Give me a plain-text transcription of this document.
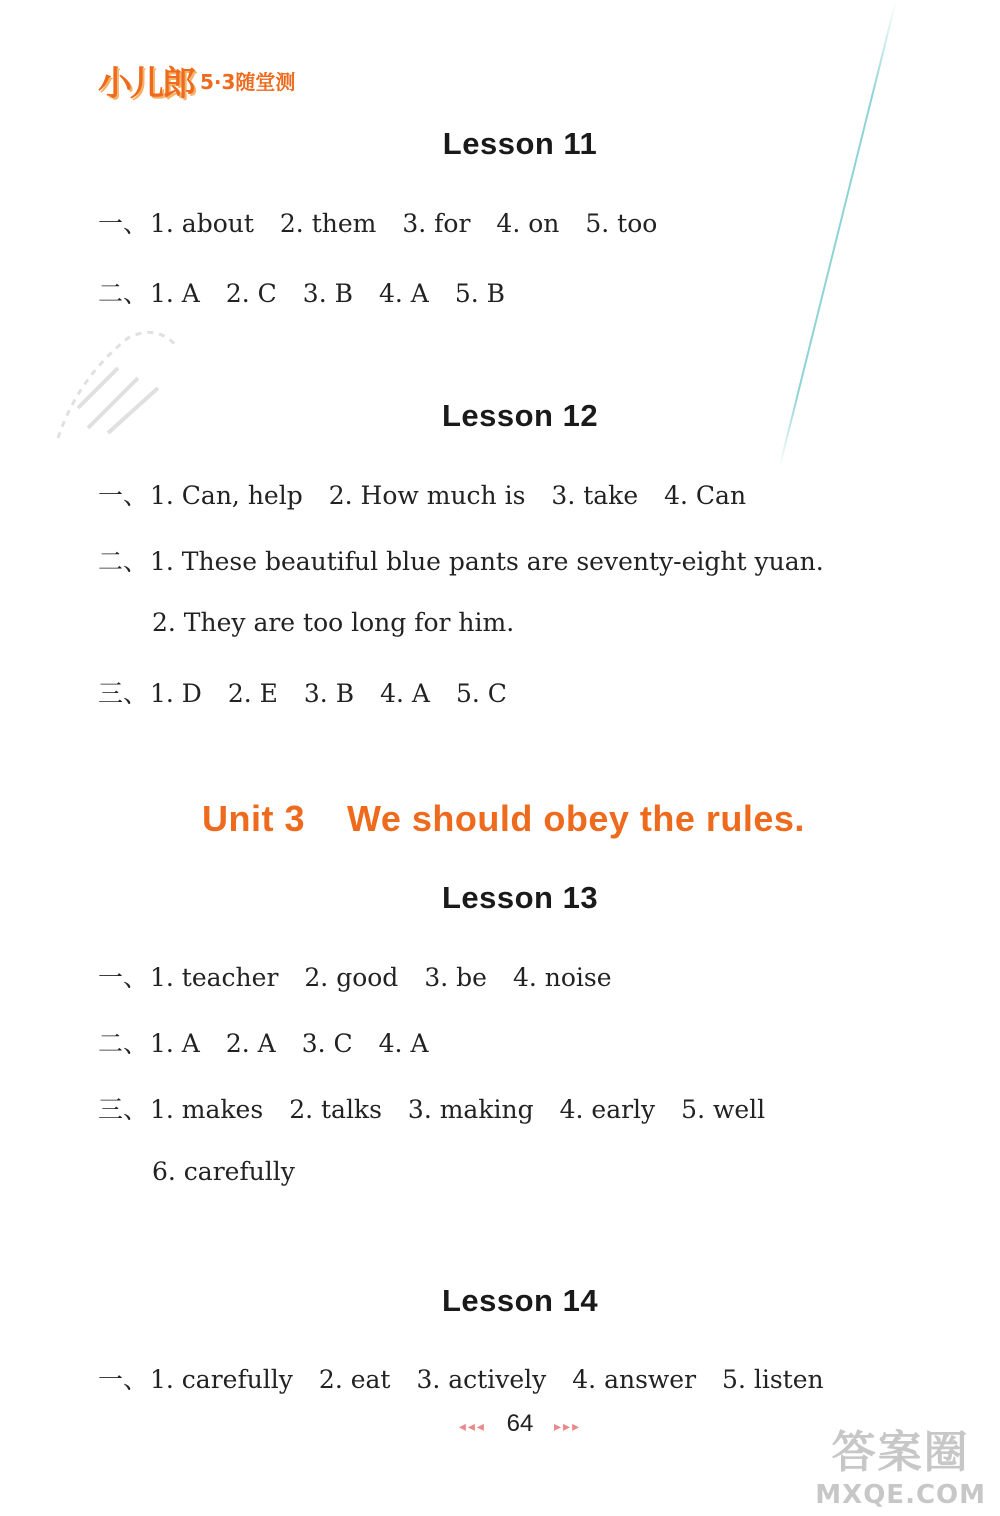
小儿郎 5·3随堂测
Lesson 11
一、1. about 2. them 3. for 4. on 5. too
二、1. A 2. C 3. B 4. A 5. B
Lesson 12
一、1. Can, help 2. How much is 3. take 4. Can
二、1. These beautiful blue pants are seventy-eight yuan.
2. They are too long for him.
三、1. D 2. E 3. B 4. A 5. C
Unit 3    We should obey the rules.
Lesson 13
一、1. teacher 2. good 3. be 4. noise
二、1. A 2. A 3. C 4. A
三、1. makes 2. talks 3. making 4. early 5. well
6. carefully
Lesson 14
一、1. carefully 2. eat 3. actively 4. answer 5. listen
◂◂◂ 64 ▸▸▸
答案圈
MXQE.COM
